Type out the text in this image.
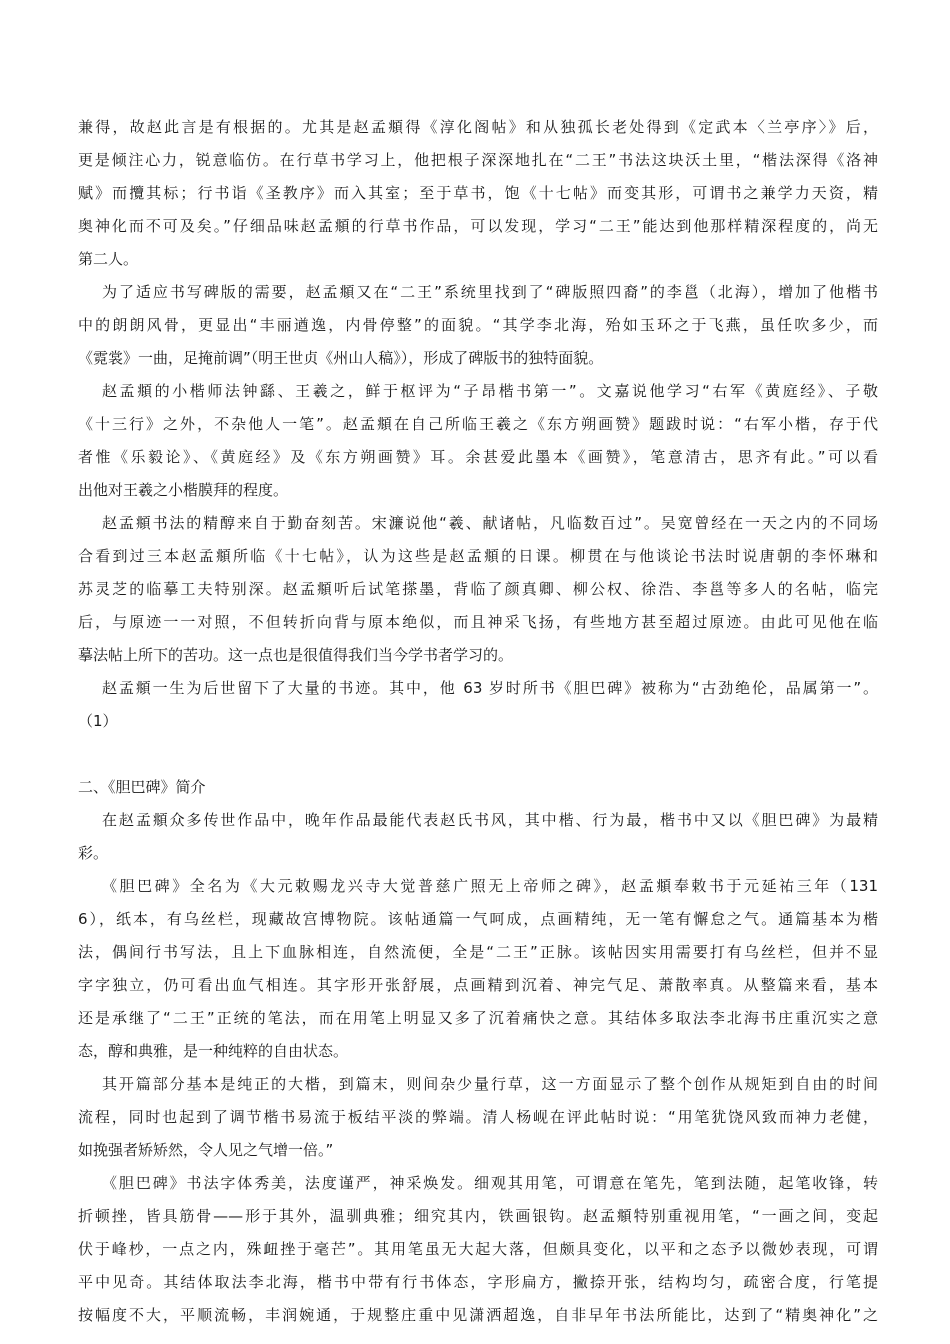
兼得，故赵此言是有根据的。尤其是赵孟頫得《淳化阁帖》和从独孤长老处得到《定武本〈兰亭序〉》后，
更是倾注心力，锐意临仿。在行草书学习上，他把根子深深地扎在“二王”书法这块沃土里，“楷法深得《洛神
赋》而攬其标；行书诣《圣教序》而入其室；至于草书，饱《十七帖》而变其形，可谓书之兼学力天资，精
奥神化而不可及矣。”仔细品味赵孟頫的行草书作品，可以发现，学习“二王”能达到他那样精深程度的，尚无
第二人。
为了适应书写碑版的需要，赵孟頫又在“二王”系统里找到了“碑版照四裔”的李邕（北海），增加了他楷书
中的朗朗风骨，更显出“丰丽遒逸，内骨停整”的面貌。“其学李北海，殆如玉环之于飞燕，虽任吹多少，而
《霓裳》一曲，足掩前调”（明王世贞《州山人稿》），形成了碑版书的独特面貌。
赵孟頫的小楷师法钟繇、王羲之，鲜于枢评为“子昂楷书第一”。文嘉说他学习“右军《黄庭经》、子敬
《十三行》之外，不杂他人一笔”。赵孟頫在自己所临王羲之《东方朔画赞》题跋时说：“右军小楷，存于代
者惟《乐毅论》、《黄庭经》及《东方朔画赞》耳。余甚爱此墨本《画赞》，笔意清古，思齐有此。”可以看
出他对王羲之小楷膜拜的程度。
赵孟頫书法的精醇来自于勤奋刻苦。宋濂说他“羲、献诸帖，凡临数百过”。吴宽曾经在一天之内的不同场
合看到过三本赵孟頫所临《十七帖》，认为这些是赵孟頫的日课。柳贯在与他谈论书法时说唐朝的李怀琳和
苏灵芝的临摹工夫特别深。赵孟頫听后试笔搽墨，背临了颜真卿、柳公权、徐浩、李邕等多人的名帖，临完
后，与原迹一一对照，不但转折向背与原本绝似，而且神采飞扬，有些地方甚至超过原迹。由此可见他在临
摹法帖上所下的苦功。这一点也是很值得我们当今学书者学习的。
赵孟頫一生为后世留下了大量的书迹。其中，他 63 岁时所书《胆巴碑》被称为“古劲绝伦，品属第一”。
（1）
二、《胆巴碑》简介
在赵孟頫众多传世作品中，晚年作品最能代表赵氏书风，其中楷、行为最，楷书中又以《胆巴碑》为最精
彩。
《胆巴碑》全名为《大元敕赐龙兴寺大觉普慈广照无上帝师之碑》，赵孟頫奉敕书于元延祐三年（131
6），纸本，有乌丝栏，现藏故宫博物院。该帖通篇一气呵成，点画精纯，无一笔有懈怠之气。通篇基本为楷
法，偶间行书写法，且上下血脉相连，自然流便，全是“二王”正脉。该帖因实用需要打有乌丝栏，但并不显
字字独立，仍可看出血气相连。其字形开张舒展，点画精到沉着、神完气足、萧散率真。从整篇来看，基本
还是承继了“二王”正统的笔法，而在用笔上明显又多了沉着痛快之意。其结体多取法李北海书庄重沉实之意
态，醇和典雅，是一种纯粹的自由状态。
其开篇部分基本是纯正的大楷，到篇末，则间杂少量行草，这一方面显示了整个创作从规矩到自由的时间
流程，同时也起到了调节楷书易流于板结平淡的弊端。清人杨岘在评此帖时说：“用笔犹饶风致而神力老健，
如挽强者矫矫然，令人见之气增一倍。”
《胆巴碑》书法字体秀美，法度谨严，神采焕发。细观其用笔，可谓意在笔先，笔到法随，起笔收锋，转
折顿挫，皆具筋骨——形于其外，温驯典雅；细究其内，铁画银钩。赵孟頫特别重视用笔，“一画之间，变起
伏于峰杪，一点之内，殊衄挫于毫芒”。其用笔虽无大起大落，但颇具变化，以平和之态予以微妙表现，可谓
平中见奇。其结体取法李北海，楷书中带有行书体态，字形扁方，撇捺开张，结构均匀，疏密合度，行笔提
按幅度不大，平顺流畅，丰润婉通，于规整庄重中见潇洒超逸，自非早年书法所能比，达到了“精奥神化”之
